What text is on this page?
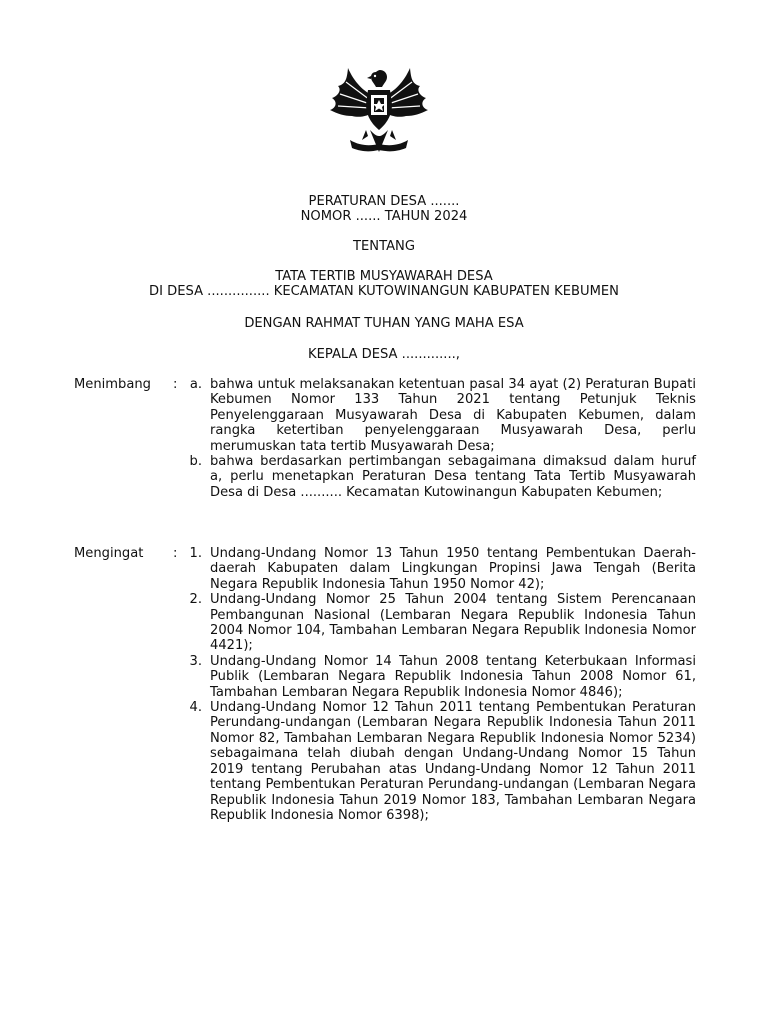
PERATURAN DESA .......
NOMOR ...... TAHUN 2024
TENTANG
TATA TERTIB MUSYAWARAH DESA
DI DESA ............... KECAMATAN KUTOWINANGUN KABUPATEN KEBUMEN
DENGAN RAHMAT TUHAN YANG MAHA ESA
KEPALA DESA .............,
Menimbang	: a. bahwa untuk melaksanakan ketentuan pasal 34 ayat (2) Peraturan Bupati Kebumen Nomor 133 Tahun 2021 tentang Petunjuk Teknis Penyelenggaraan Musyawarah Desa di Kabupaten Kebumen, dalam rangka ketertiban penyelenggaraan Musyawarah Desa, perlu merumuskan tata tertib Musyawarah Desa;
b. bahwa berdasarkan pertimbangan sebagaimana dimaksud dalam huruf a, perlu menetapkan Peraturan Desa tentang Tata Tertib Musyawarah Desa di Desa .......... Kecamatan Kutowinangun Kabupaten Kebumen;
Mengingat	: 1. Undang-Undang Nomor 13 Tahun 1950 tentang Pembentukan Daerah-daerah Kabupaten dalam Lingkungan Propinsi Jawa Tengah (Berita Negara Republik Indonesia Tahun 1950 Nomor 42);
2. Undang-Undang Nomor 25 Tahun 2004 tentang Sistem Perencanaan Pembangunan Nasional (Lembaran Negara Republik Indonesia Tahun 2004 Nomor 104, Tambahan Lembaran Negara Republik Indonesia Nomor 4421);
3. Undang-Undang Nomor 14 Tahun 2008 tentang Keterbukaan Informasi Publik (Lembaran Negara Republik Indonesia Tahun 2008 Nomor 61, Tambahan Lembaran Negara Republik Indonesia Nomor 4846);
4. Undang-Undang Nomor 12 Tahun 2011 tentang Pembentukan Peraturan Perundang-undangan (Lembaran Negara Republik Indonesia Tahun 2011 Nomor 82, Tambahan Lembaran Negara Republik Indonesia Nomor 5234) sebagaimana telah diubah dengan Undang-Undang Nomor 15 Tahun 2019 tentang Perubahan atas Undang-Undang Nomor 12 Tahun 2011 tentang Pembentukan Peraturan Perundang-undangan (Lembaran Negara Republik Indonesia Tahun 2019 Nomor 183, Tambahan Lembaran Negara Republik Indonesia Nomor 6398);
